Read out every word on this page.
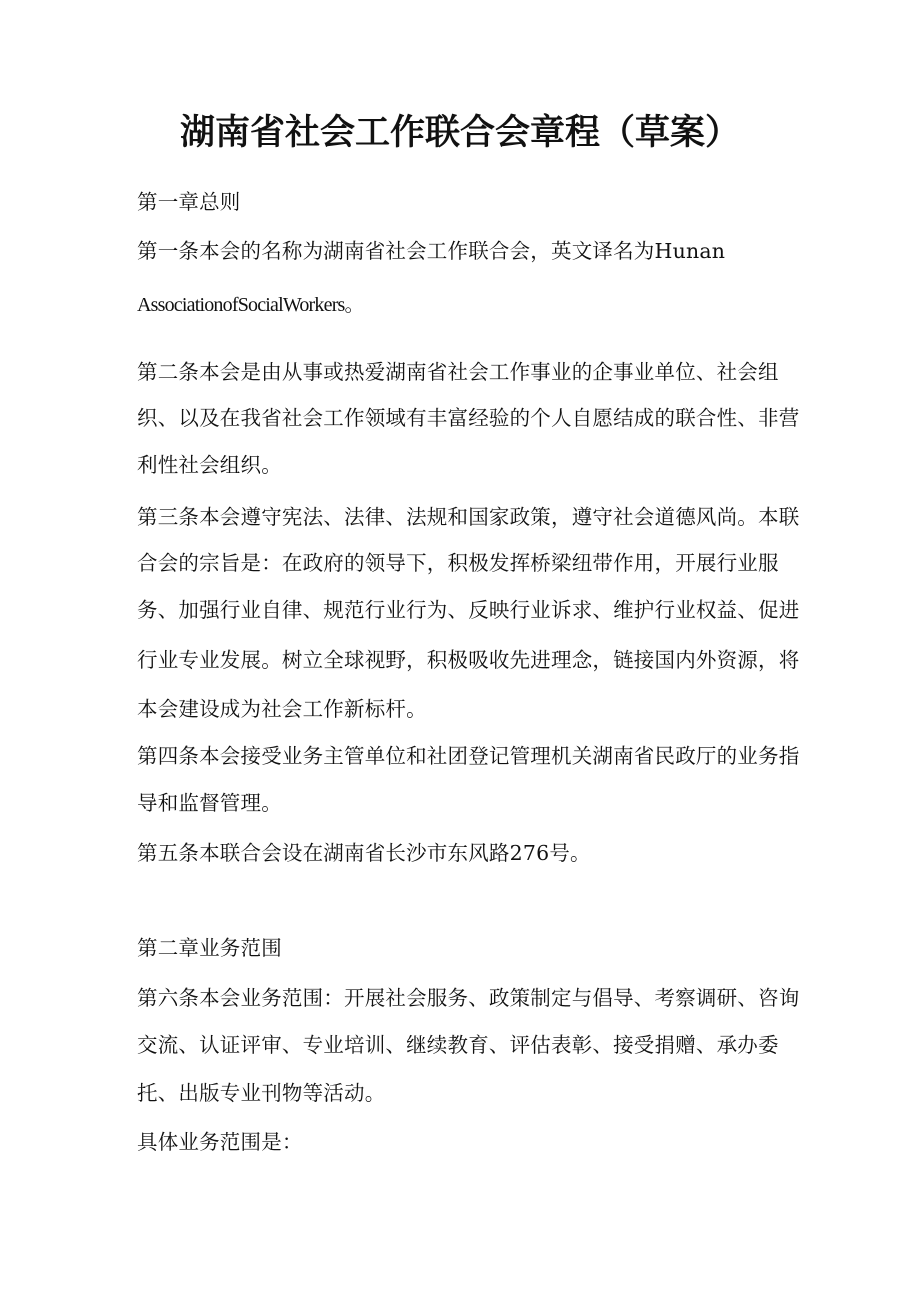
湖南省社会工作联合会章程（草案）

第一章总则

第一条本会的名称为湖南省社会工作联合会，英文译名为Hunan

AssociationofSocialWorkers。

第二条本会是由从事或热爱湖南省社会工作事业的企事业单位、社会组

织、以及在我省社会工作领域有丰富经验的个人自愿结成的联合性、非营

利性社会组织。

第三条本会遵守宪法、法律、法规和国家政策，遵守社会道德风尚。本联

合会的宗旨是：在政府的领导下，积极发挥桥梁纽带作用，开展行业服

务、加强行业自律、规范行业行为、反映行业诉求、维护行业权益、促进

行业专业发展。树立全球视野，积极吸收先进理念，链接国内外资源，将

本会建设成为社会工作新标杆。

第四条本会接受业务主管单位和社团登记管理机关湖南省民政厅的业务指

导和监督管理。

第五条本联合会设在湖南省长沙市东风路276号。

第二章业务范围

第六条本会业务范围：开展社会服务、政策制定与倡导、考察调研、咨询

交流、认证评审、专业培训、继续教育、评估表彰、接受捐赠、承办委

托、出版专业刊物等活动。

具体业务范围是：
